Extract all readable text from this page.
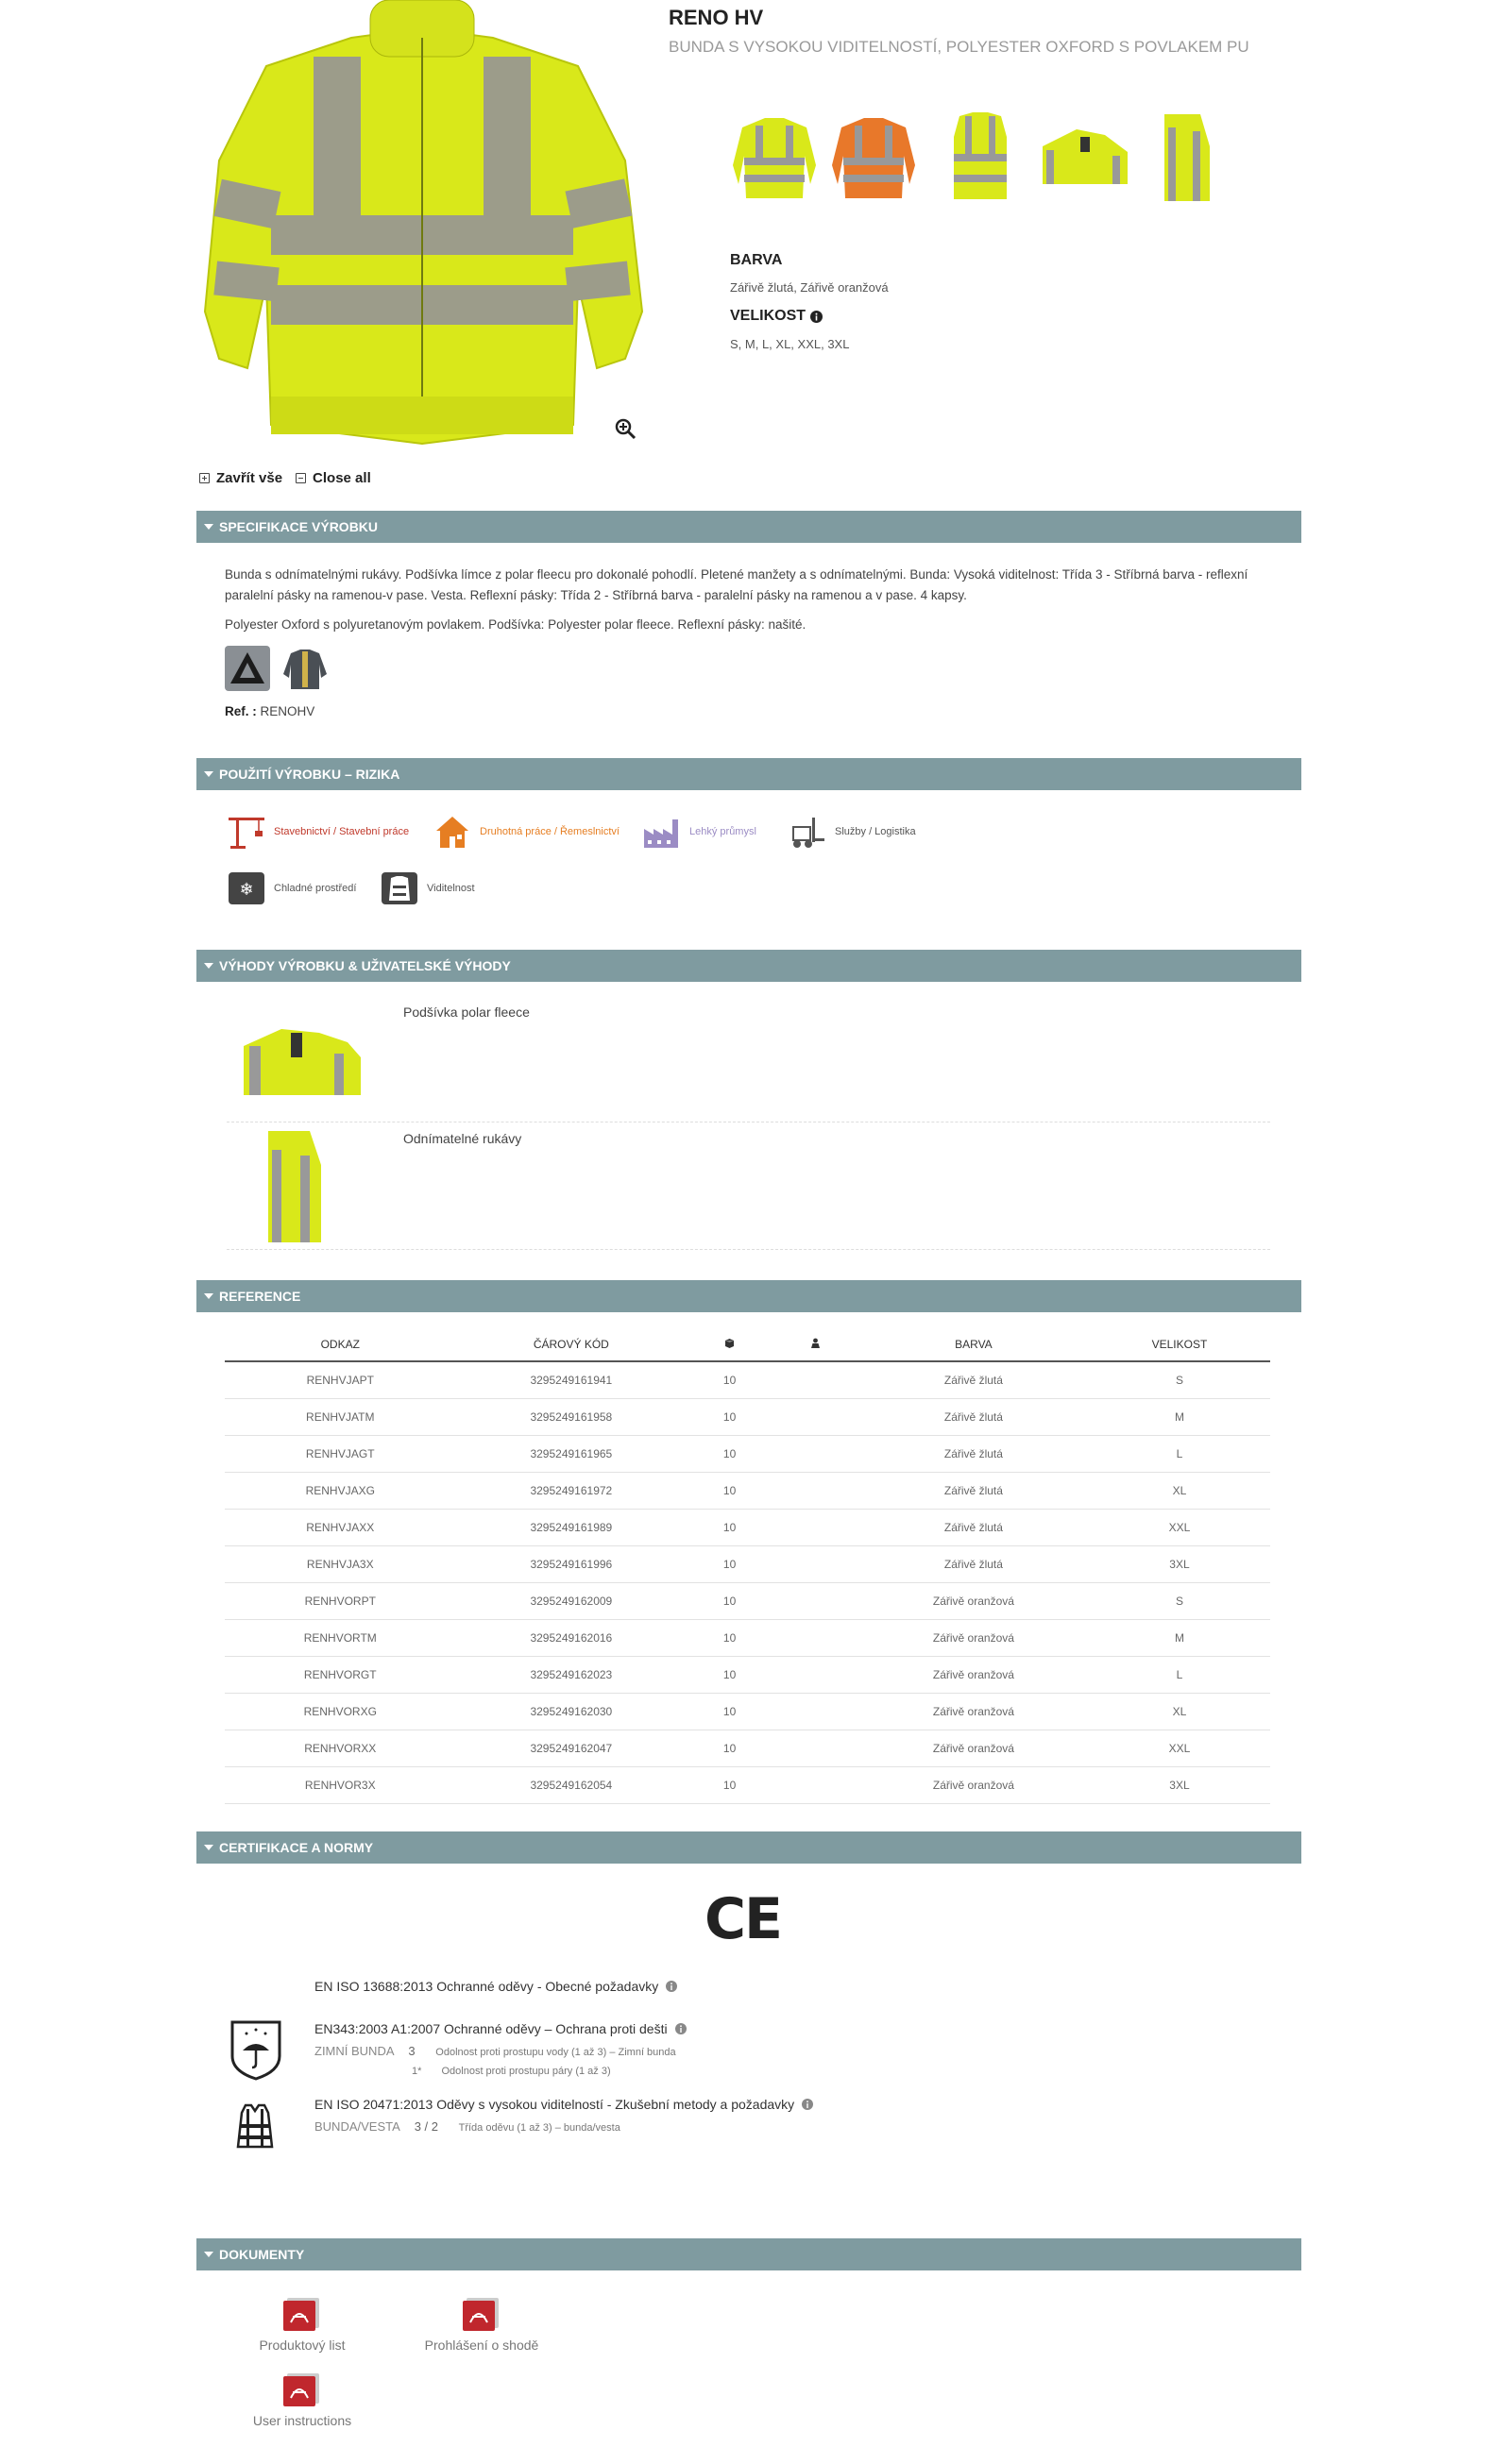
RENO HV
BUNDA S VYSOKOU VIDITELNOSTÍ, POLYESTER OXFORD S POVLAKEM PU
BARVA
Zářivě žlutá, Zářivě oranžová
VELIKOST
S, M, L, XL, XXL, 3XL
Zavřít vše Close all
SPECIFIKACE VÝROBKU
Bunda s odnímatelnými rukávy. Podšívka límce z polar fleecu pro dokonalé pohodlí. Pletené manžety a s odnímatelnými. Bunda: Vysoká viditelnost: Třída 3 - Stříbrná barva - reflexní paralelní pásky na ramenou-v pase. Vesta. Reflexní pásky: Třída 2 - Stříbrná barva - paralelní pásky na ramenou a v pase. 4 kapsy.
Polyester Oxford s polyuretanovým povlakem. Podšívka: Polyester polar fleece. Reflexní pásky: našité.
Ref. : RENOHV
POUŽITÍ VÝROBKU – RIZIKA
Stavebnictví / Stavební práce	Druhotná práce / Řemeslnictví	Lehký průmysl	Služby / Logistika
❄ Chladné prostředí	Viditelnost
VÝHODY VÝROBKU & UŽIVATELSKÉ VÝHODY
Podšívka polar fleece
Odnímatelné rukávy
REFERENCE
ODKAZ	ČÁROVÝ KÓD			BARVA	VELIKOST
RENHVJAPT	3295249161941	10		Zářivě žlutá	S
RENHVJATM	3295249161958	10		Zářivě žlutá	M
RENHVJAGT	3295249161965	10		Zářivě žlutá	L
RENHVJAXG	3295249161972	10		Zářivě žlutá	XL
RENHVJAXX	3295249161989	10		Zářivě žlutá	XXL
RENHVJA3X	3295249161996	10		Zářivě žlutá	3XL
RENHVORPT	3295249162009	10		Zářivě oranžová	S
RENHVORTM	3295249162016	10		Zářivě oranžová	M
RENHVORGT	3295249162023	10		Zářivě oranžová	L
RENHVORXG	3295249162030	10		Zářivě oranžová	XL
RENHVORXX	3295249162047	10		Zářivě oranžová	XXL
RENHVOR3X	3295249162054	10		Zářivě oranžová	3XL
CERTIFIKACE A NORMY
CE
EN ISO 13688:2013 Ochranné oděvy - Obecné požadavky
EN343:2003 A1:2007 Ochranné oděvy – Ochrana proti dešti
ZIMNÍ BUNDA 3 Odolnost proti prostupu vody (1 až 3) – Zimní bunda
1* Odolnost proti prostupu páry (1 až 3)
EN ISO 20471:2013 Oděvy s vysokou viditelností - Zkušební metody a požadavky
BUNDA/VESTA 3 / 2 Třída oděvu (1 až 3) – bunda/vesta
DOKUMENTY
Produktový list	Prohlášení o shodě
User instructions
